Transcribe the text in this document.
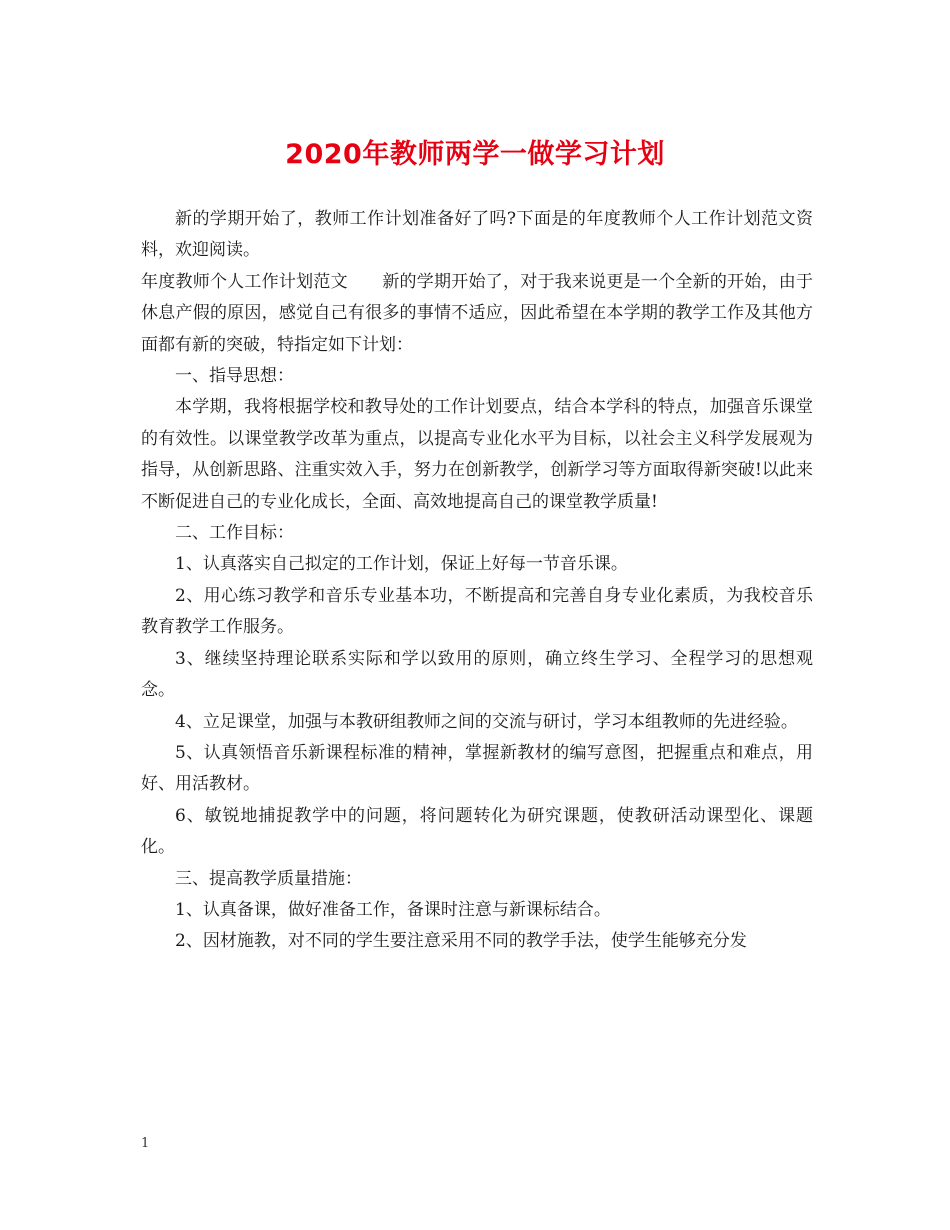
2020年教师两学一做学习计划

新的学期开始了，教师工作计划准备好了吗?下面是的年度教师个人工作计划范文资料，欢迎阅读。

年度教师个人工作计划范文　　新的学期开始了，对于我来说更是一个全新的开始，由于休息产假的原因，感觉自己有很多的事情不适应，因此希望在本学期的教学工作及其他方面都有新的突破，特指定如下计划：

一、指导思想：

本学期，我将根据学校和教导处的工作计划要点，结合本学科的特点，加强音乐课堂的有效性。以课堂教学改革为重点，以提高专业化水平为目标，以社会主义科学发展观为指导，从创新思路、注重实效入手，努力在创新教学，创新学习等方面取得新突破!以此来不断促进自己的专业化成长，全面、高效地提高自己的课堂教学质量!

二、工作目标：

1、认真落实自己拟定的工作计划，保证上好每一节音乐课。

2、用心练习教学和音乐专业基本功，不断提高和完善自身专业化素质，为我校音乐教育教学工作服务。

3、继续坚持理论联系实际和学以致用的原则，确立终生学习、全程学习的思想观念。

4、立足课堂，加强与本教研组教师之间的交流与研讨，学习本组教师的先进经验。

5、认真领悟音乐新课程标准的精神，掌握新教材的编写意图，把握重点和难点，用好、用活教材。

6、敏锐地捕捉教学中的问题，将问题转化为研究课题，使教研活动课型化、课题化。

三、提高教学质量措施：

1、认真备课，做好准备工作，备课时注意与新课标结合。

2、因材施教，对不同的学生要注意采用不同的教学手法，使学生能够充分发

1
